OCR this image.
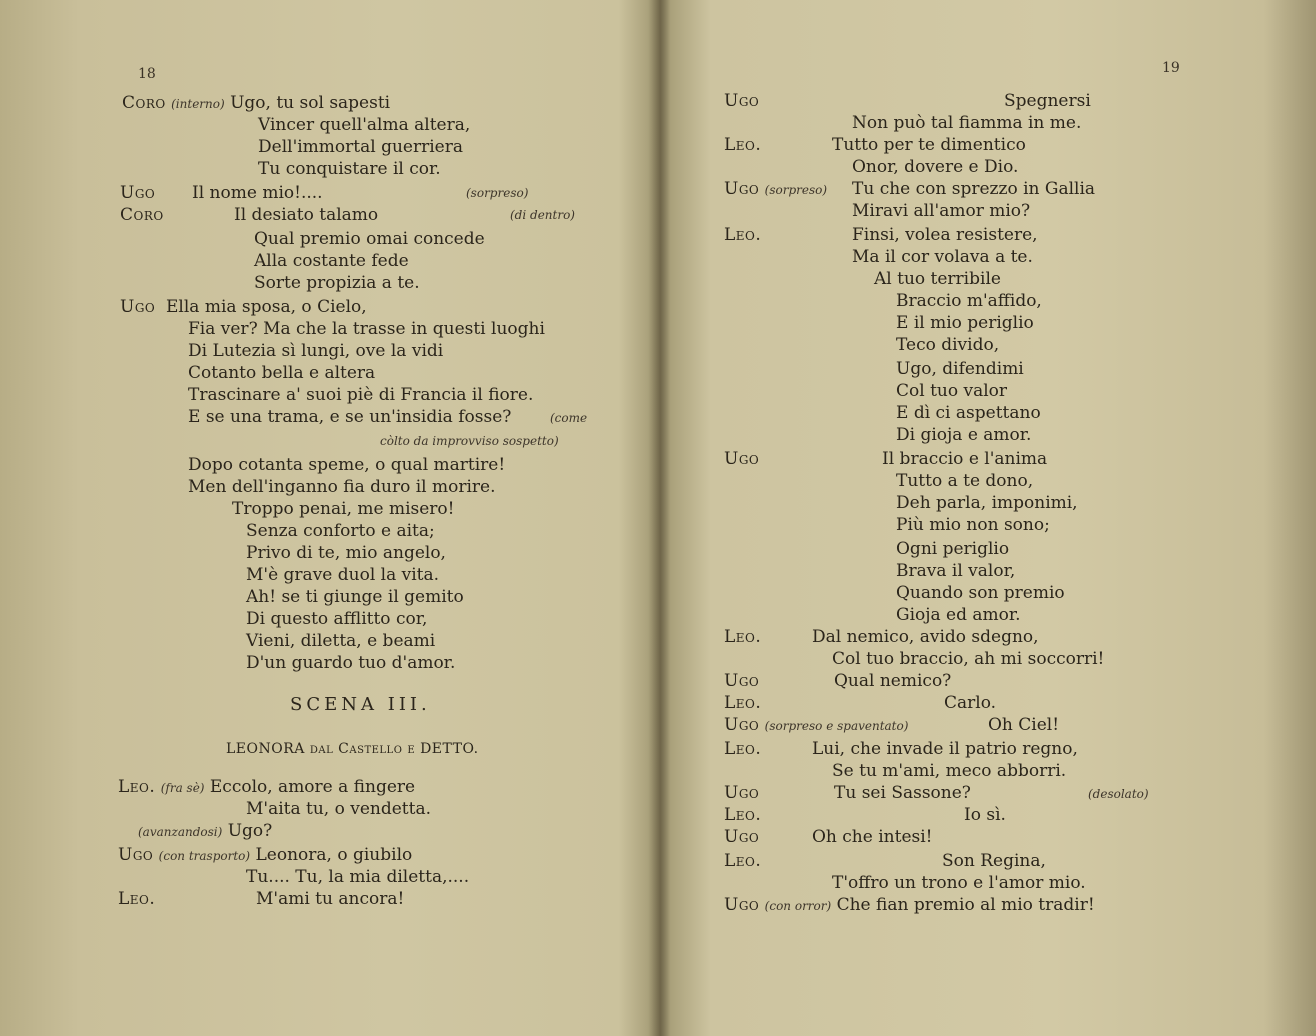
18
Coro (interno) Ugo, tu sol sapesti
Vincer quell'alma altera,
Dell'immortal guerriera
Tu conquistare il cor.
Ugo Il nome mio!....	(sorpreso)
Coro	Il desiato talamo	(di dentro)
Qual premio omai concede
Alla costante fede
Sorte propizia a te.
Ugo Ella mia sposa, o Cielo,
Fia ver? Ma che la trasse in questi luoghi
Di Lutezia sì lungi, ove la vidi
Cotanto bella e altera
Trascinare a' suoi piè di Francia il fiore.
E se una trama, e se un'insidia fosse?	(come
còlto da improvviso sospetto)
Dopo cotanta speme, o qual martire!
Men dell'inganno fia duro il morire.
Troppo penai, me misero!
Senza conforto e aita;
Privo di te, mio angelo,
M'è grave duol la vita.
Ah! se ti giunge il gemito
Di questo afflitto cor,
Vieni, diletta, e beami
D'un guardo tuo d'amor.
SCENA III.
LEONORA dal Castello e DETTO.
Leo. (fra sè) Eccolo, amore a fingere
M'aita tu, o vendetta.
(avanzandosi) Ugo?
Ugo (con trasporto) Leonora, o giubilo
Tu.... Tu, la mia diletta,....
Leo.	M'ami tu ancora!
19
Ugo	Spegnersi
Non può tal fiamma in me.
Leo.	Tutto per te dimentico
Onor, dovere e Dio.
Ugo (sorpreso) Tu che con sprezzo in Gallia
Miravi all'amor mio?
Leo.	Finsi, volea resistere,
Ma il cor volava a te.
Al tuo terribile
Braccio m'affido,
E il mio periglio
Teco divido,
Ugo, difendimi
Col tuo valor
E dì ci aspettano
Di gioja e amor.
Ugo	Il braccio e l'anima
Tutto a te dono,
Deh parla, imponimi,
Più mio non sono;
Ogni periglio
Brava il valor,
Quando son premio
Gioja ed amor.
Leo.	Dal nemico, avido sdegno,
Col tuo braccio, ah mi soccorri!
Ugo	Qual nemico?
Leo.	Carlo.
Ugo (sorpreso e spaventato)	Oh Ciel!
Leo.	Lui, che invade il patrio regno,
Se tu m'ami, meco abborri.
Ugo	Tu sei Sassone?	(desolato)
Leo.	Io sì.
Ugo	Oh che intesi!
Leo.	Son Regina,
T'offro un trono e l'amor mio.
Ugo (con orror) Che fian premio al mio tradir!
